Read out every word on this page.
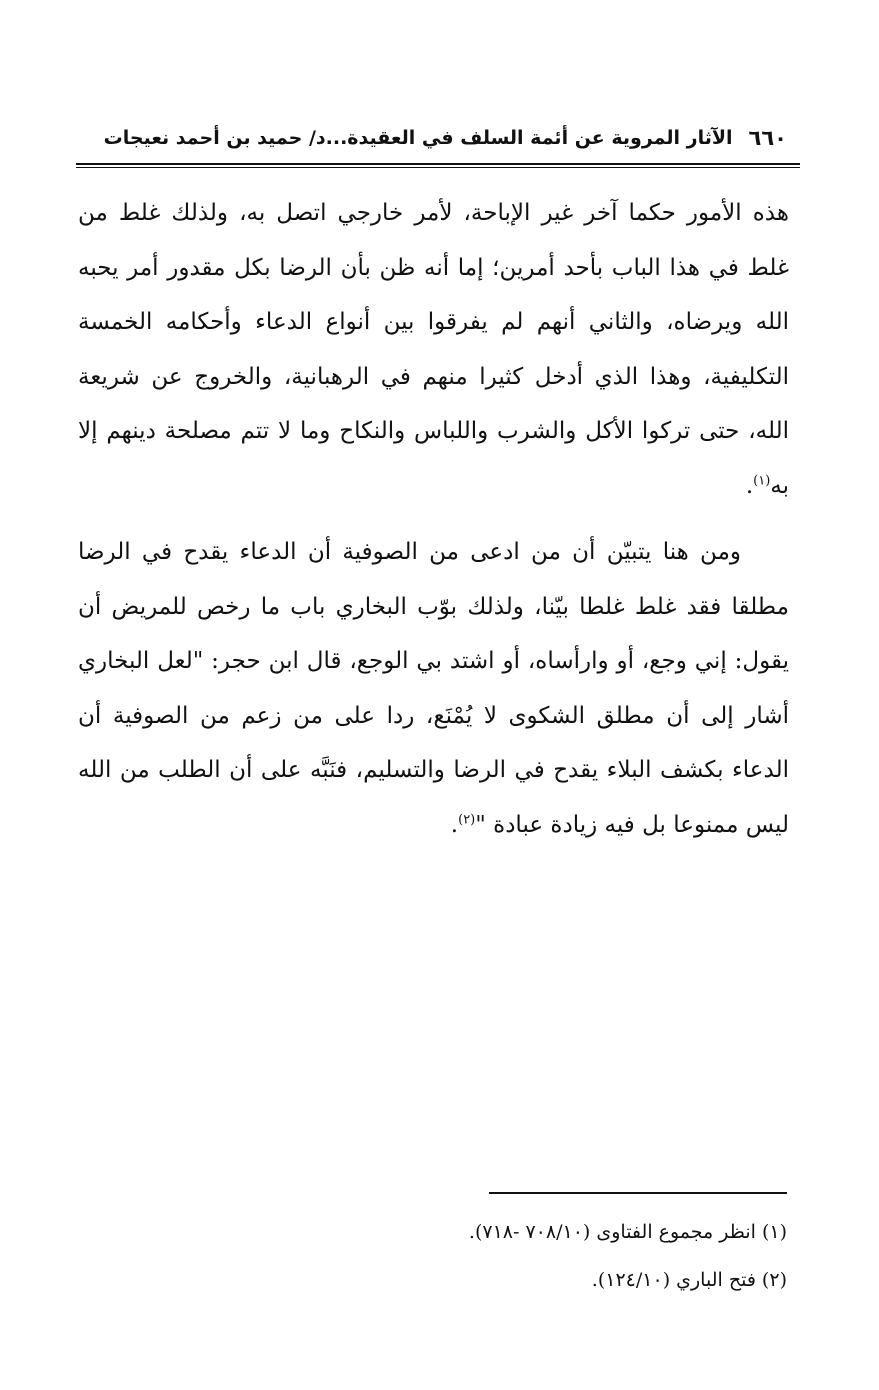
٦٦٠
الآثار المروية عن أئمة السلف في العقيدة...د/ حميد بن أحمد نعيجات

هذه الأمور حكما آخر غير الإباحة، لأمر خارجي اتصل به، ولذلك غلط من غلط في هذا الباب بأحد أمرين؛ إما أنه ظن بأن الرضا بكل مقدور أمر يحبه الله ويرضاه، والثاني أنهم لم يفرقوا بين أنواع الدعاء وأحكامه الخمسة التكليفية، وهذا الذي أدخل كثيرا منهم في الرهبانية، والخروج عن شريعة الله، حتى تركوا الأكل والشرب واللباس والنكاح وما لا تتم مصلحة دينهم إلا به$^{(١)}$.

ومن هنا يتبيّن أن من ادعى من الصوفية أن الدعاء يقدح في الرضا مطلقا فقد غلط غلطا بيّنا، ولذلك بوّب البخاري باب ما رخص للمريض أن يقول: إني وجع، أو وارأساه، أو اشتد بي الوجع، قال ابن حجر: "لعل البخاري أشار إلى أن مطلق الشكوى لا يُمْنَع، ردا على من زعم من الصوفية أن الدعاء بكشف البلاء يقدح في الرضا والتسليم، فنَبَّه على أن الطلب من الله ليس ممنوعا بل فيه زيادة عبادة "$^{(٢)}$.

(١) انظر مجموع الفتاوى (٧٠٨/١٠ -٧١٨).

(٢) فتح الباري (١٢٤/١٠).
